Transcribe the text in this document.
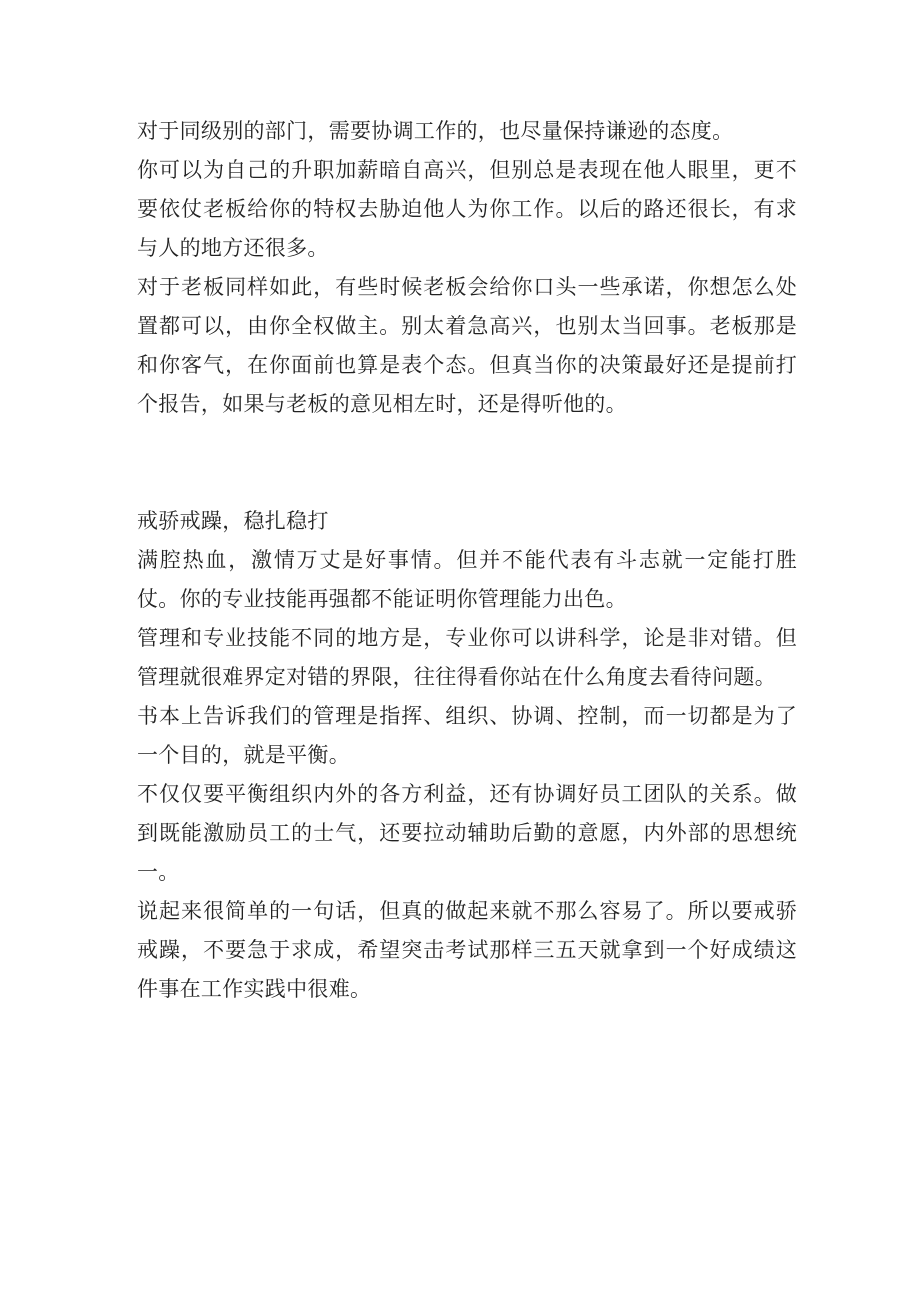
对于同级别的部门，需要协调工作的，也尽量保持谦逊的态度。

你可以为自己的升职加薪暗自高兴，但别总是表现在他人眼里，更不要依仗老板给你的特权去胁迫他人为你工作。以后的路还很长，有求与人的地方还很多。

对于老板同样如此，有些时候老板会给你口头一些承诺，你想怎么处置都可以，由你全权做主。别太着急高兴，也别太当回事。老板那是和你客气，在你面前也算是表个态。但真当你的决策最好还是提前打个报告，如果与老板的意见相左时，还是得听他的。

戒骄戒躁，稳扎稳打

满腔热血，激情万丈是好事情。但并不能代表有斗志就一定能打胜仗。你的专业技能再强都不能证明你管理能力出色。

管理和专业技能不同的地方是，专业你可以讲科学，论是非对错。但管理就很难界定对错的界限，往往得看你站在什么角度去看待问题。

书本上告诉我们的管理是指挥、组织、协调、控制，而一切都是为了一个目的，就是平衡。

不仅仅要平衡组织内外的各方利益，还有协调好员工团队的关系。做到既能激励员工的士气，还要拉动辅助后勤的意愿，内外部的思想统一。

说起来很简单的一句话，但真的做起来就不那么容易了。所以要戒骄戒躁，不要急于求成，希望突击考试那样三五天就拿到一个好成绩这件事在工作实践中很难。
